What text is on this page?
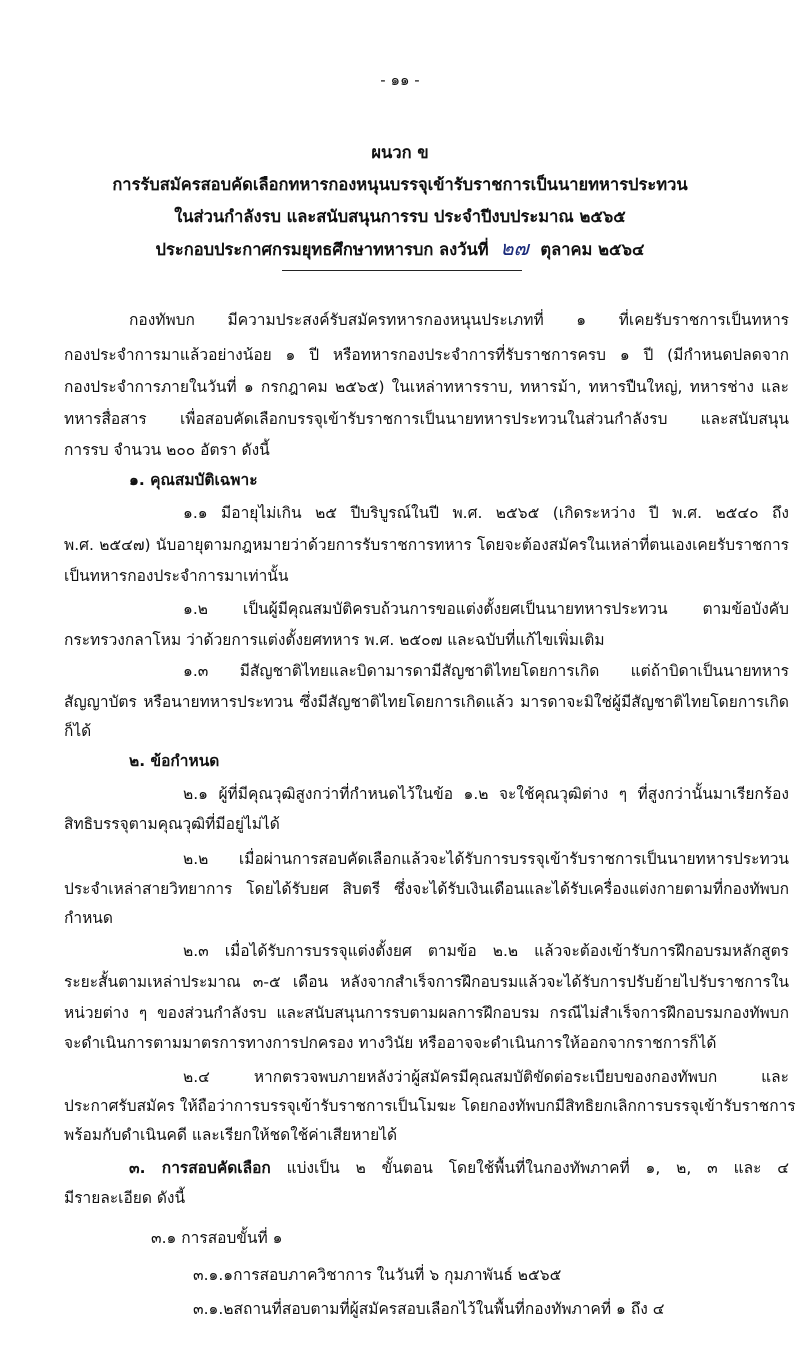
- ๑๑ -
ผนวก ข
การรับสมัครสอบคัดเลือกทหารกองหนุนบรรจุเข้ารับราชการเป็นนายทหารประทวน
ในส่วนกำลังรบ และสนับสนุนการรบ ประจำปีงบประมาณ ๒๕๖๕
ประกอบประกาศกรมยุทธศึกษาทหารบก ลงวันที่ ๒๗ ตุลาคม ๒๕๖๔
กองทัพบก มีความประสงค์รับสมัครทหารกองหนุนประเภทที่ ๑ ที่เคยรับราชการเป็นทหาร
กองประจำการมาแล้วอย่างน้อย ๑ ปี หรือทหารกองประจำการที่รับราชการครบ ๑ ปี (มีกำหนดปลดจาก
กองประจำการภายในวันที่ ๑ กรกฎาคม ๒๕๖๕) ในเหล่าทหารราบ, ทหารม้า, ทหารปืนใหญ่, ทหารช่าง และ
ทหารสื่อสาร เพื่อสอบคัดเลือกบรรจุเข้ารับราชการเป็นนายทหารประทวนในส่วนกำลังรบ และสนับสนุน
การรบ จำนวน ๒๐๐ อัตรา ดังนี้
๑. คุณสมบัติเฉพาะ
๑.๑ มีอายุไม่เกิน ๒๕ ปีบริบูรณ์ในปี พ.ศ. ๒๕๖๕ (เกิดระหว่าง ปี พ.ศ. ๒๕๔๐ ถึง
พ.ศ. ๒๕๔๗) นับอายุตามกฎหมายว่าด้วยการรับราชการทหาร โดยจะต้องสมัครในเหล่าที่ตนเองเคยรับราชการ
เป็นทหารกองประจำการมาเท่านั้น
๑.๒ เป็นผู้มีคุณสมบัติครบถ้วนการขอแต่งตั้งยศเป็นนายทหารประทวน ตามข้อบังคับ
กระทรวงกลาโหม ว่าด้วยการแต่งตั้งยศทหาร พ.ศ. ๒๕๐๗ และฉบับที่แก้ไขเพิ่มเติม
๑.๓ มีสัญชาติไทยและบิดามารดามีสัญชาติไทยโดยการเกิด แต่ถ้าบิดาเป็นนายทหาร
สัญญาบัตร หรือนายทหารประทวน ซึ่งมีสัญชาติไทยโดยการเกิดแล้ว มารดาจะมิใช่ผู้มีสัญชาติไทยโดยการเกิด
ก็ได้
๒. ข้อกำหนด
๒.๑ ผู้ที่มีคุณวุฒิสูงกว่าที่กำหนดไว้ในข้อ ๑.๒ จะใช้คุณวุฒิต่าง ๆ ที่สูงกว่านั้นมาเรียกร้อง
สิทธิบรรจุตามคุณวุฒิที่มีอยู่ไม่ได้
๒.๒ เมื่อผ่านการสอบคัดเลือกแล้วจะได้รับการบรรจุเข้ารับราชการเป็นนายทหารประทวน
ประจำเหล่าสายวิทยาการ โดยได้รับยศ สิบตรี ซึ่งจะได้รับเงินเดือนและได้รับเครื่องแต่งกายตามที่กองทัพบก
กำหนด
๒.๓ เมื่อได้รับการบรรจุแต่งตั้งยศ ตามข้อ ๒.๒ แล้วจะต้องเข้ารับการฝึกอบรมหลักสูตร
ระยะสั้นตามเหล่าประมาณ ๓-๕ เดือน หลังจากสำเร็จการฝึกอบรมแล้วจะได้รับการปรับย้ายไปรับราชการใน
หน่วยต่าง ๆ ของส่วนกำลังรบ และสนับสนุนการรบตามผลการฝึกอบรม กรณีไม่สำเร็จการฝึกอบรมกองทัพบก
จะดำเนินการตามมาตรการทางการปกครอง ทางวินัย หรืออาจจะดำเนินการให้ออกจากราชการก็ได้
๒.๔ หากตรวจพบภายหลังว่าผู้สมัครมีคุณสมบัติขัดต่อระเบียบของกองทัพบก และ
ประกาศรับสมัคร ให้ถือว่าการบรรจุเข้ารับราชการเป็นโมฆะ โดยกองทัพบกมีสิทธิยกเลิกการบรรจุเข้ารับราชการ
พร้อมกับดำเนินคดี และเรียกให้ชดใช้ค่าเสียหายได้
๓. การสอบคัดเลือก แบ่งเป็น ๒ ขั้นตอน โดยใช้พื้นที่ในกองทัพภาคที่ ๑, ๒, ๓ และ ๔
มีรายละเอียด ดังนี้
๓.๑ การสอบขั้นที่ ๑
๓.๑.๑การสอบภาควิชาการ ในวันที่ ๖ กุมภาพันธ์ ๒๕๖๕
๓.๑.๒สถานที่สอบตามที่ผู้สมัครสอบเลือกไว้ในพื้นที่กองทัพภาคที่ ๑ ถึง ๔
